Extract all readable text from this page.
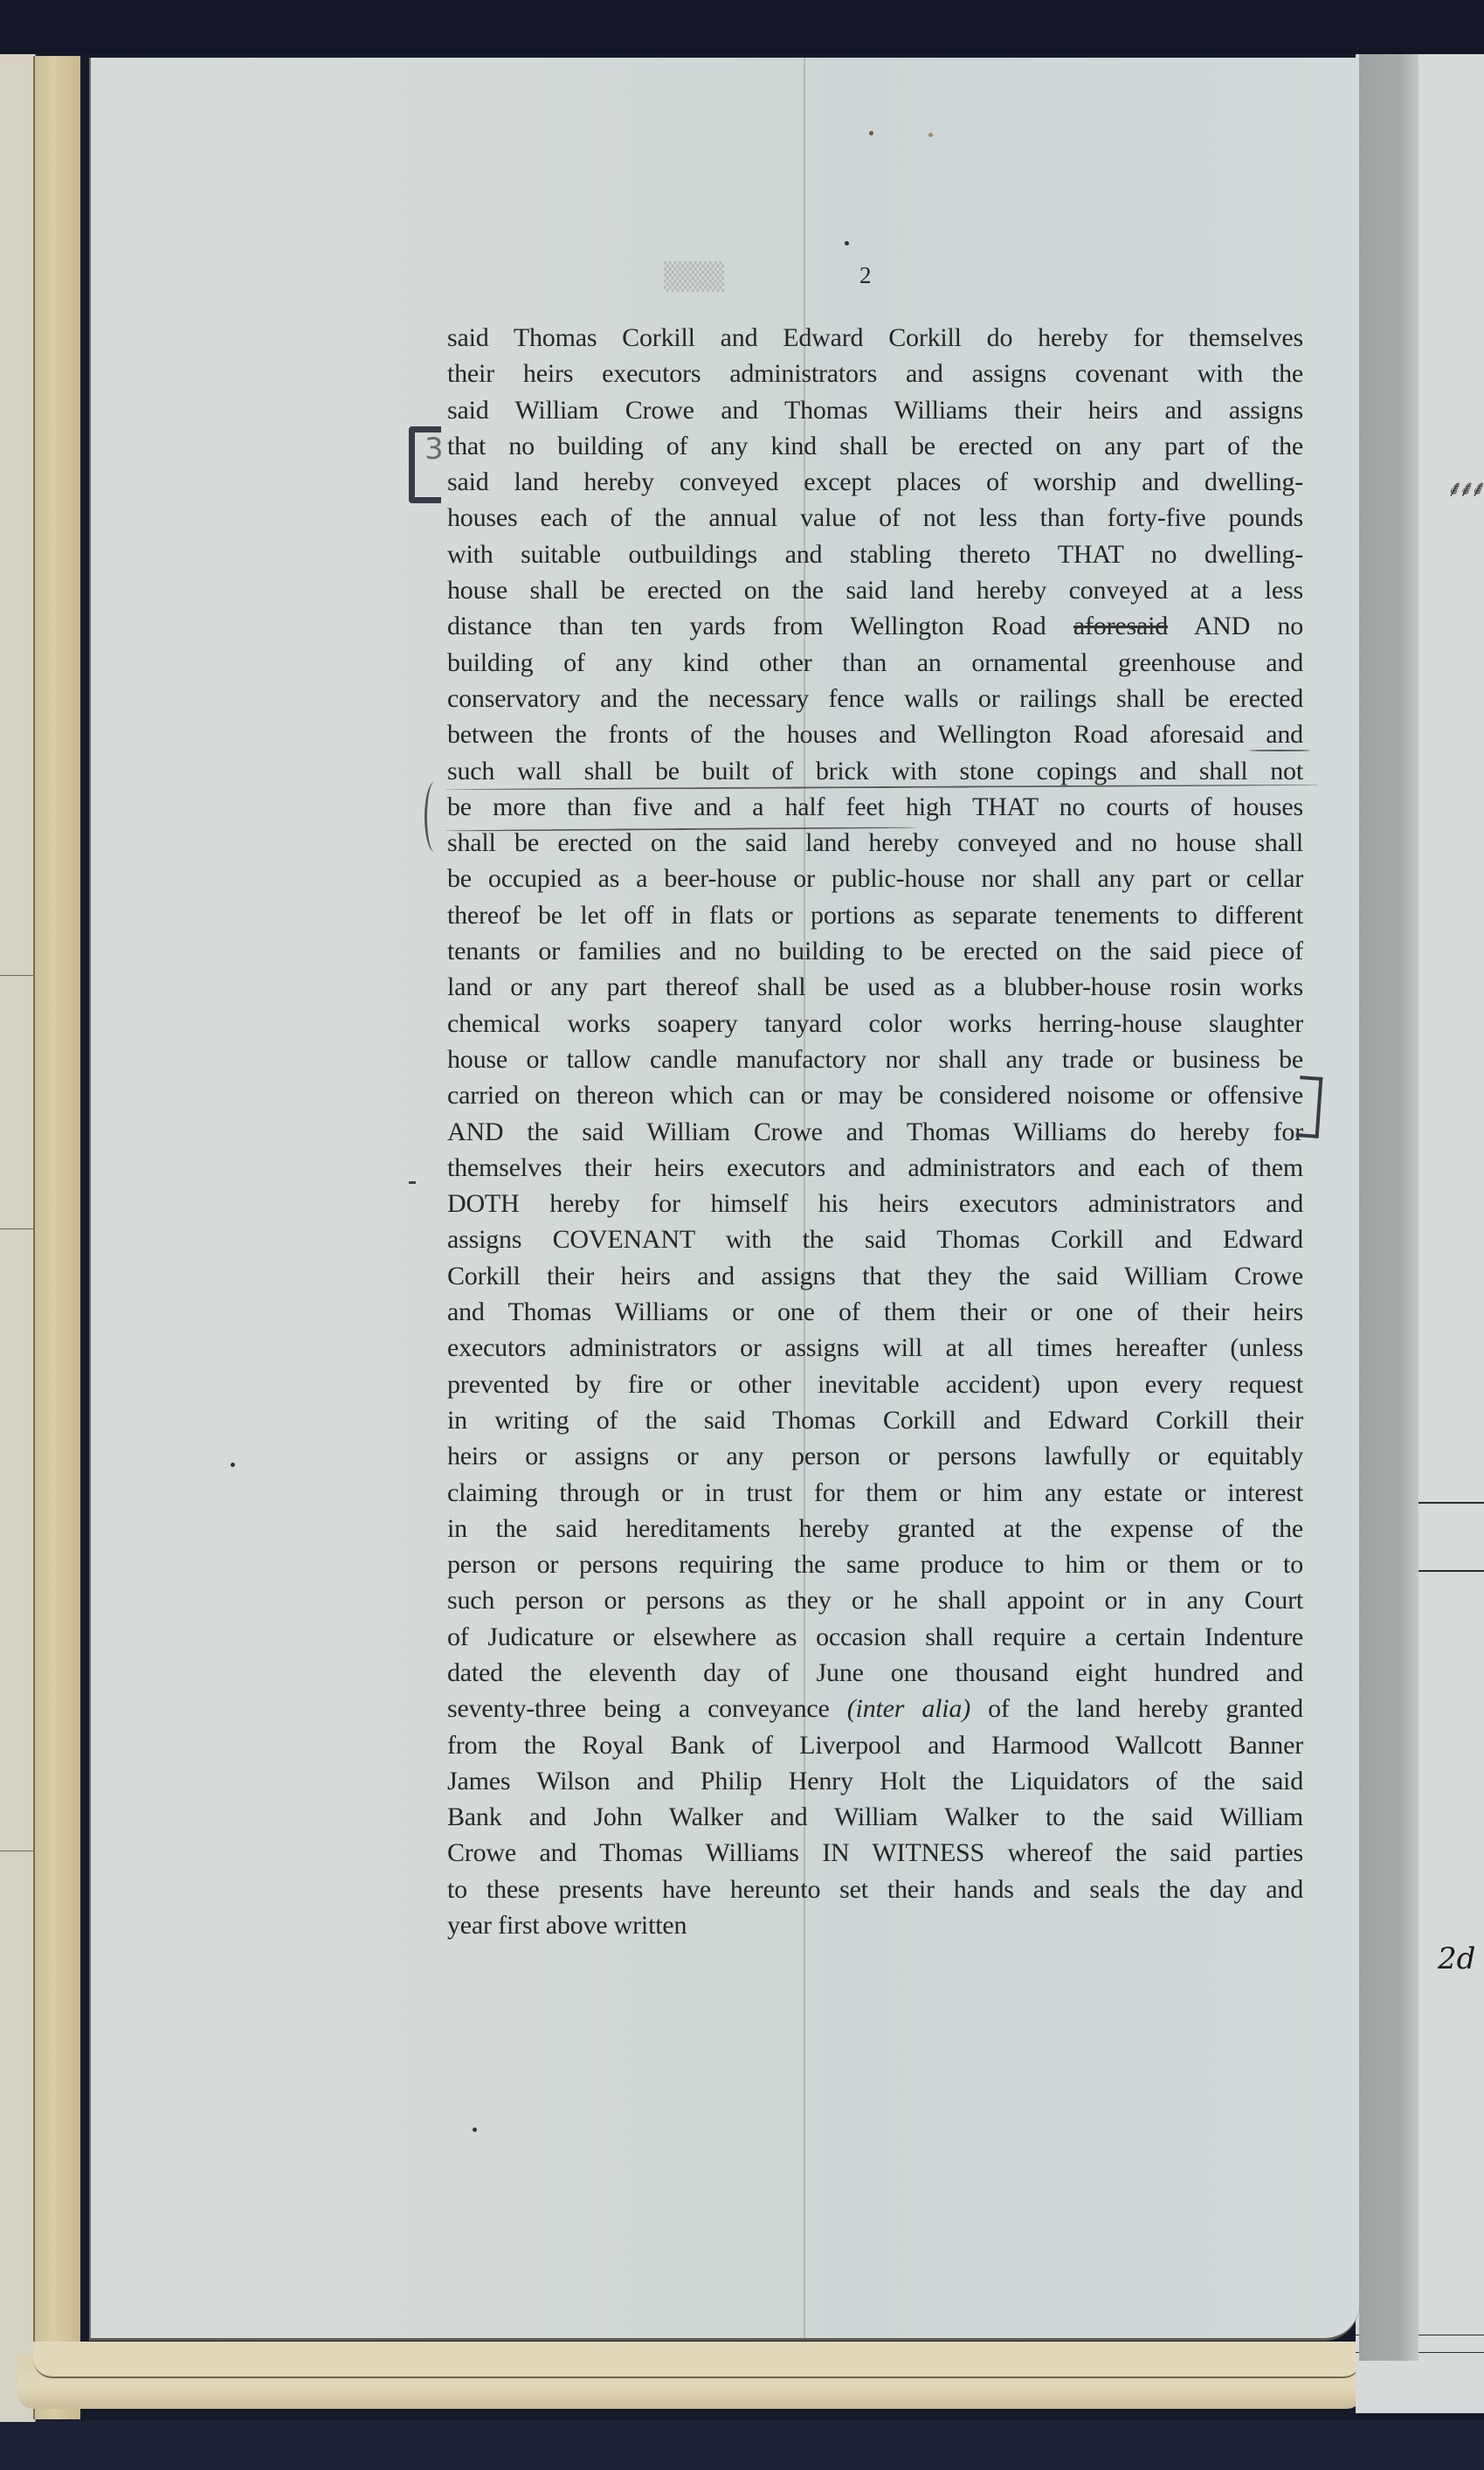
⸙⸙⸙
2d
▒▒▒	2
said Thomas Corkill and Edward Corkill do hereby for themselves
their heirs executors administrators and assigns covenant with the
said William Crowe and Thomas Williams their heirs and assigns
that no building of any kind shall be erected on any part of the
said land hereby conveyed except places of worship and dwelling-
houses each of the annual value of not less than forty-five pounds
with suitable outbuildings and stabling thereto THAT no dwelling-
house shall be erected on the said land hereby conveyed at a less
distance than ten yards from Wellington Road aforesaid AND no
building of any kind other than an ornamental greenhouse and
conservatory and the necessary fence walls or railings shall be erected
between the fronts of the houses and Wellington Road aforesaid and
such wall shall be built of brick with stone copings and shall not
be more than five and a half feet high THAT no courts of houses
shall be erected on the said land hereby conveyed and no house shall
be occupied as a beer-house or public-house nor shall any part or cellar
thereof be let off in flats or portions as separate tenements to different
tenants or families and no building to be erected on the said piece of
land or any part thereof shall be used as a blubber-house rosin works
chemical works soapery tanyard color works herring-house slaughter
house or tallow candle manufactory nor shall any trade or business be
carried on thereon which can or may be considered noisome or offensive
AND the said William Crowe and Thomas Williams do hereby for
themselves their heirs executors and administrators and each of them
DOTH hereby for himself his heirs executors administrators and
assigns COVENANT with the said Thomas Corkill and Edward
Corkill their heirs and assigns that they the said William Crowe
and Thomas Williams or one of them their or one of their heirs
executors administrators or assigns will at all times hereafter (unless
prevented by fire or other inevitable accident) upon every request
in writing of the said Thomas Corkill and Edward Corkill their
heirs or assigns or any person or persons lawfully or equitably
claiming through or in trust for them or him any estate or interest
in the said hereditaments hereby granted at the expense of the
person or persons requiring the same produce to him or them or to
such person or persons as they or he shall appoint or in any Court
of Judicature or elsewhere as occasion shall require a certain Indenture
dated the eleventh day of June one thousand eight hundred and
seventy-three being a conveyance (inter alia) of the land hereby granted
from the Royal Bank of Liverpool and Harmood Wallcott Banner
James Wilson and Philip Henry Holt the Liquidators of the said
Bank and John Walker and William Walker to the said William
Crowe and Thomas Williams IN WITNESS whereof the said parties
to these presents have hereunto set their hands and seals the day and
year first above written
3
